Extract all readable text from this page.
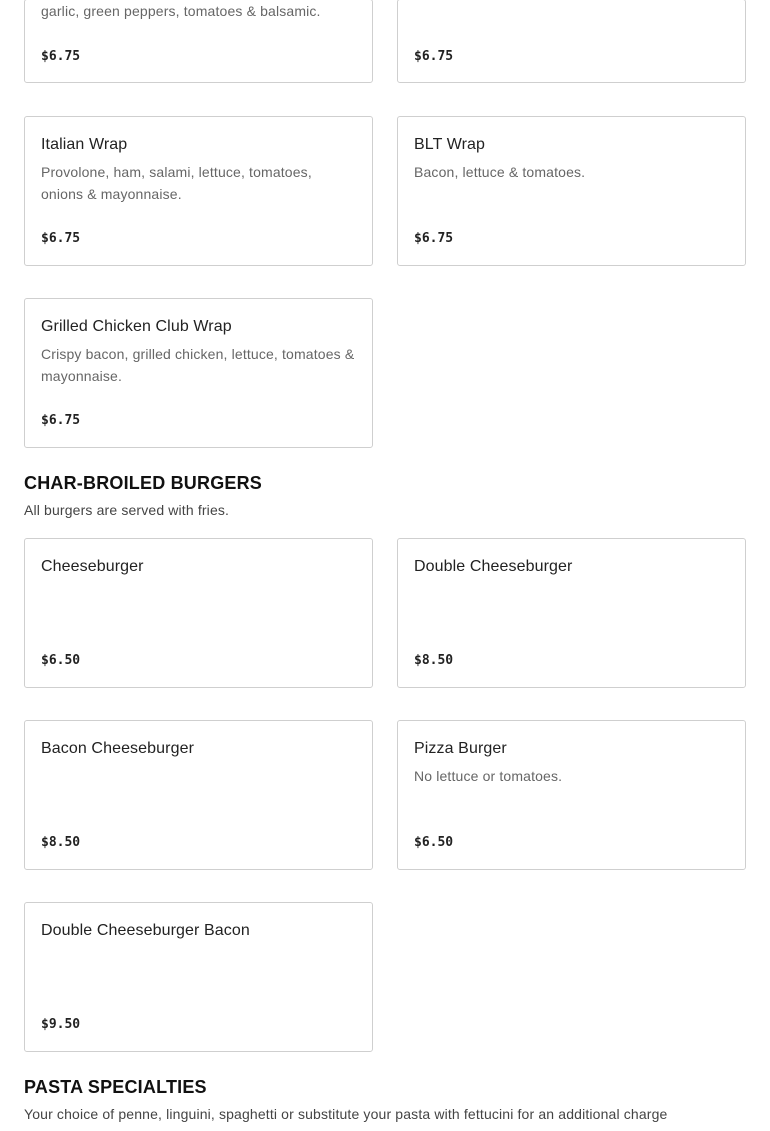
garlic, green peppers, tomatoes & balsamic.
$6.75	$6.75
Italian Wrap
Provolone, ham, salami, lettuce, tomatoes, onions & mayonnaise.
$6.75
BLT Wrap
Bacon, lettuce & tomatoes.
$6.75
Grilled Chicken Club Wrap
Crispy bacon, grilled chicken, lettuce, tomatoes & mayonnaise.
$6.75
CHAR-BROILED BURGERS
All burgers are served with fries.
Cheeseburger
$6.50
Double Cheeseburger
$8.50
Bacon Cheeseburger
$8.50
Pizza Burger
No lettuce or tomatoes.
$6.50
Double Cheeseburger Bacon
$9.50
PASTA SPECIALTIES
Your choice of penne, linguini, spaghetti or substitute your pasta with fettucini for an additional charge
